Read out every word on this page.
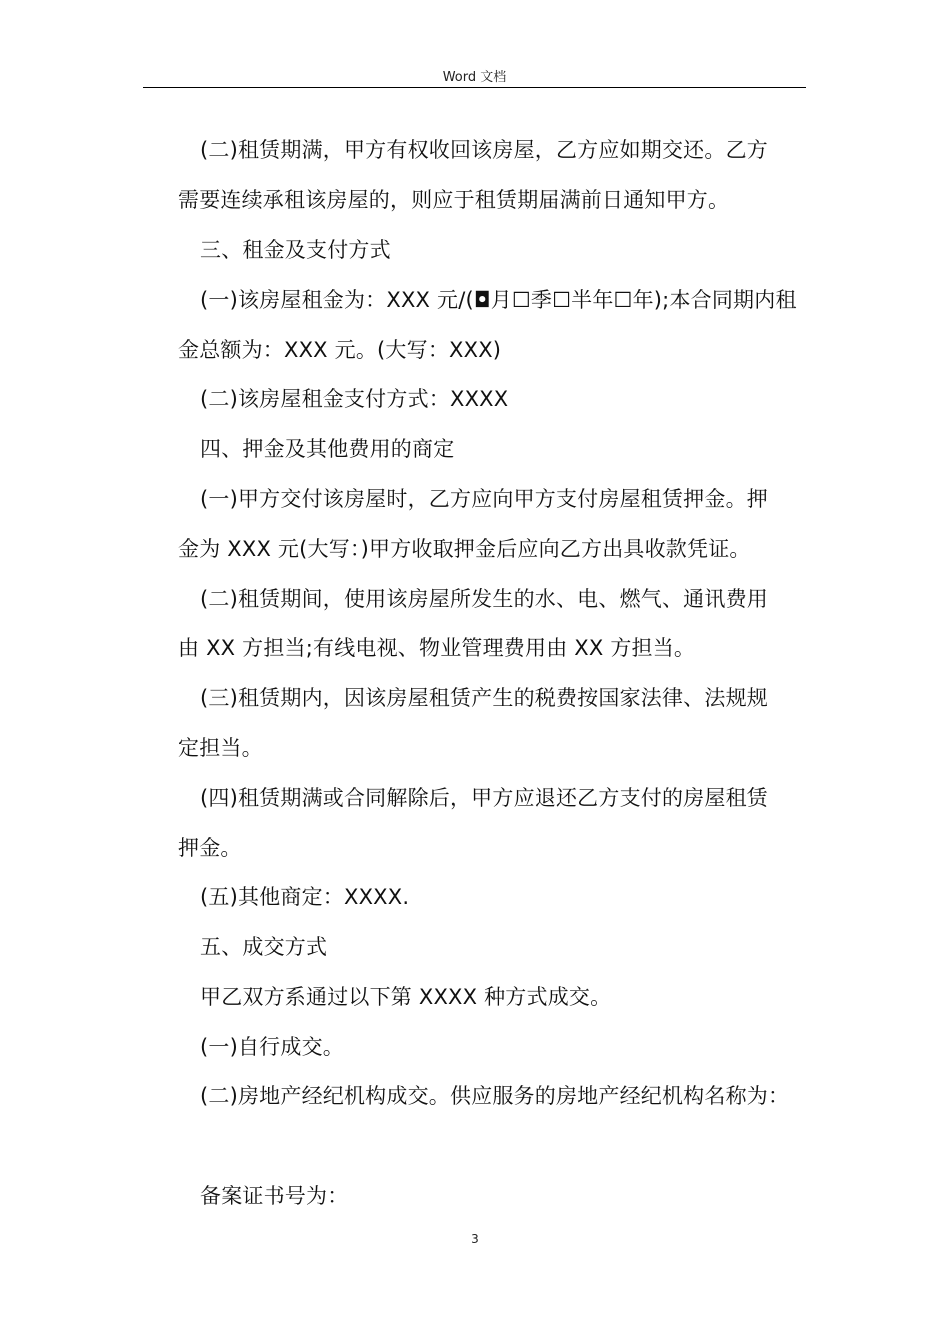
Word 文档
(二)租赁期满，甲方有权收回该房屋，乙方应如期交还。乙方
需要连续承租该房屋的，则应于租赁期届满前日通知甲方。
三、租金及支付方式
(一)该房屋租金为：XXX 元/(◘月☐季☐半年☐年);本合同期内租
金总额为：XXX 元。(大写：XXX)
(二)该房屋租金支付方式：XXXX
四、押金及其他费用的商定
(一)甲方交付该房屋时，乙方应向甲方支付房屋租赁押金。押
金为 XXX 元(大写：)甲方收取押金后应向乙方出具收款凭证。
(二)租赁期间，使用该房屋所发生的水、电、燃气、通讯费用
由 XX 方担当;有线电视、物业管理费用由 XX 方担当。
(三)租赁期内，因该房屋租赁产生的税费按国家法律、法规规
定担当。
(四)租赁期满或合同解除后，甲方应退还乙方支付的房屋租赁
押金。
(五)其他商定：XXXX.
五、成交方式
甲乙双方系通过以下第 XXXX 种方式成交。
(一)自行成交。
(二)房地产经纪机构成交。供应服务的房地产经纪机构名称为：
备案证书号为：
3
